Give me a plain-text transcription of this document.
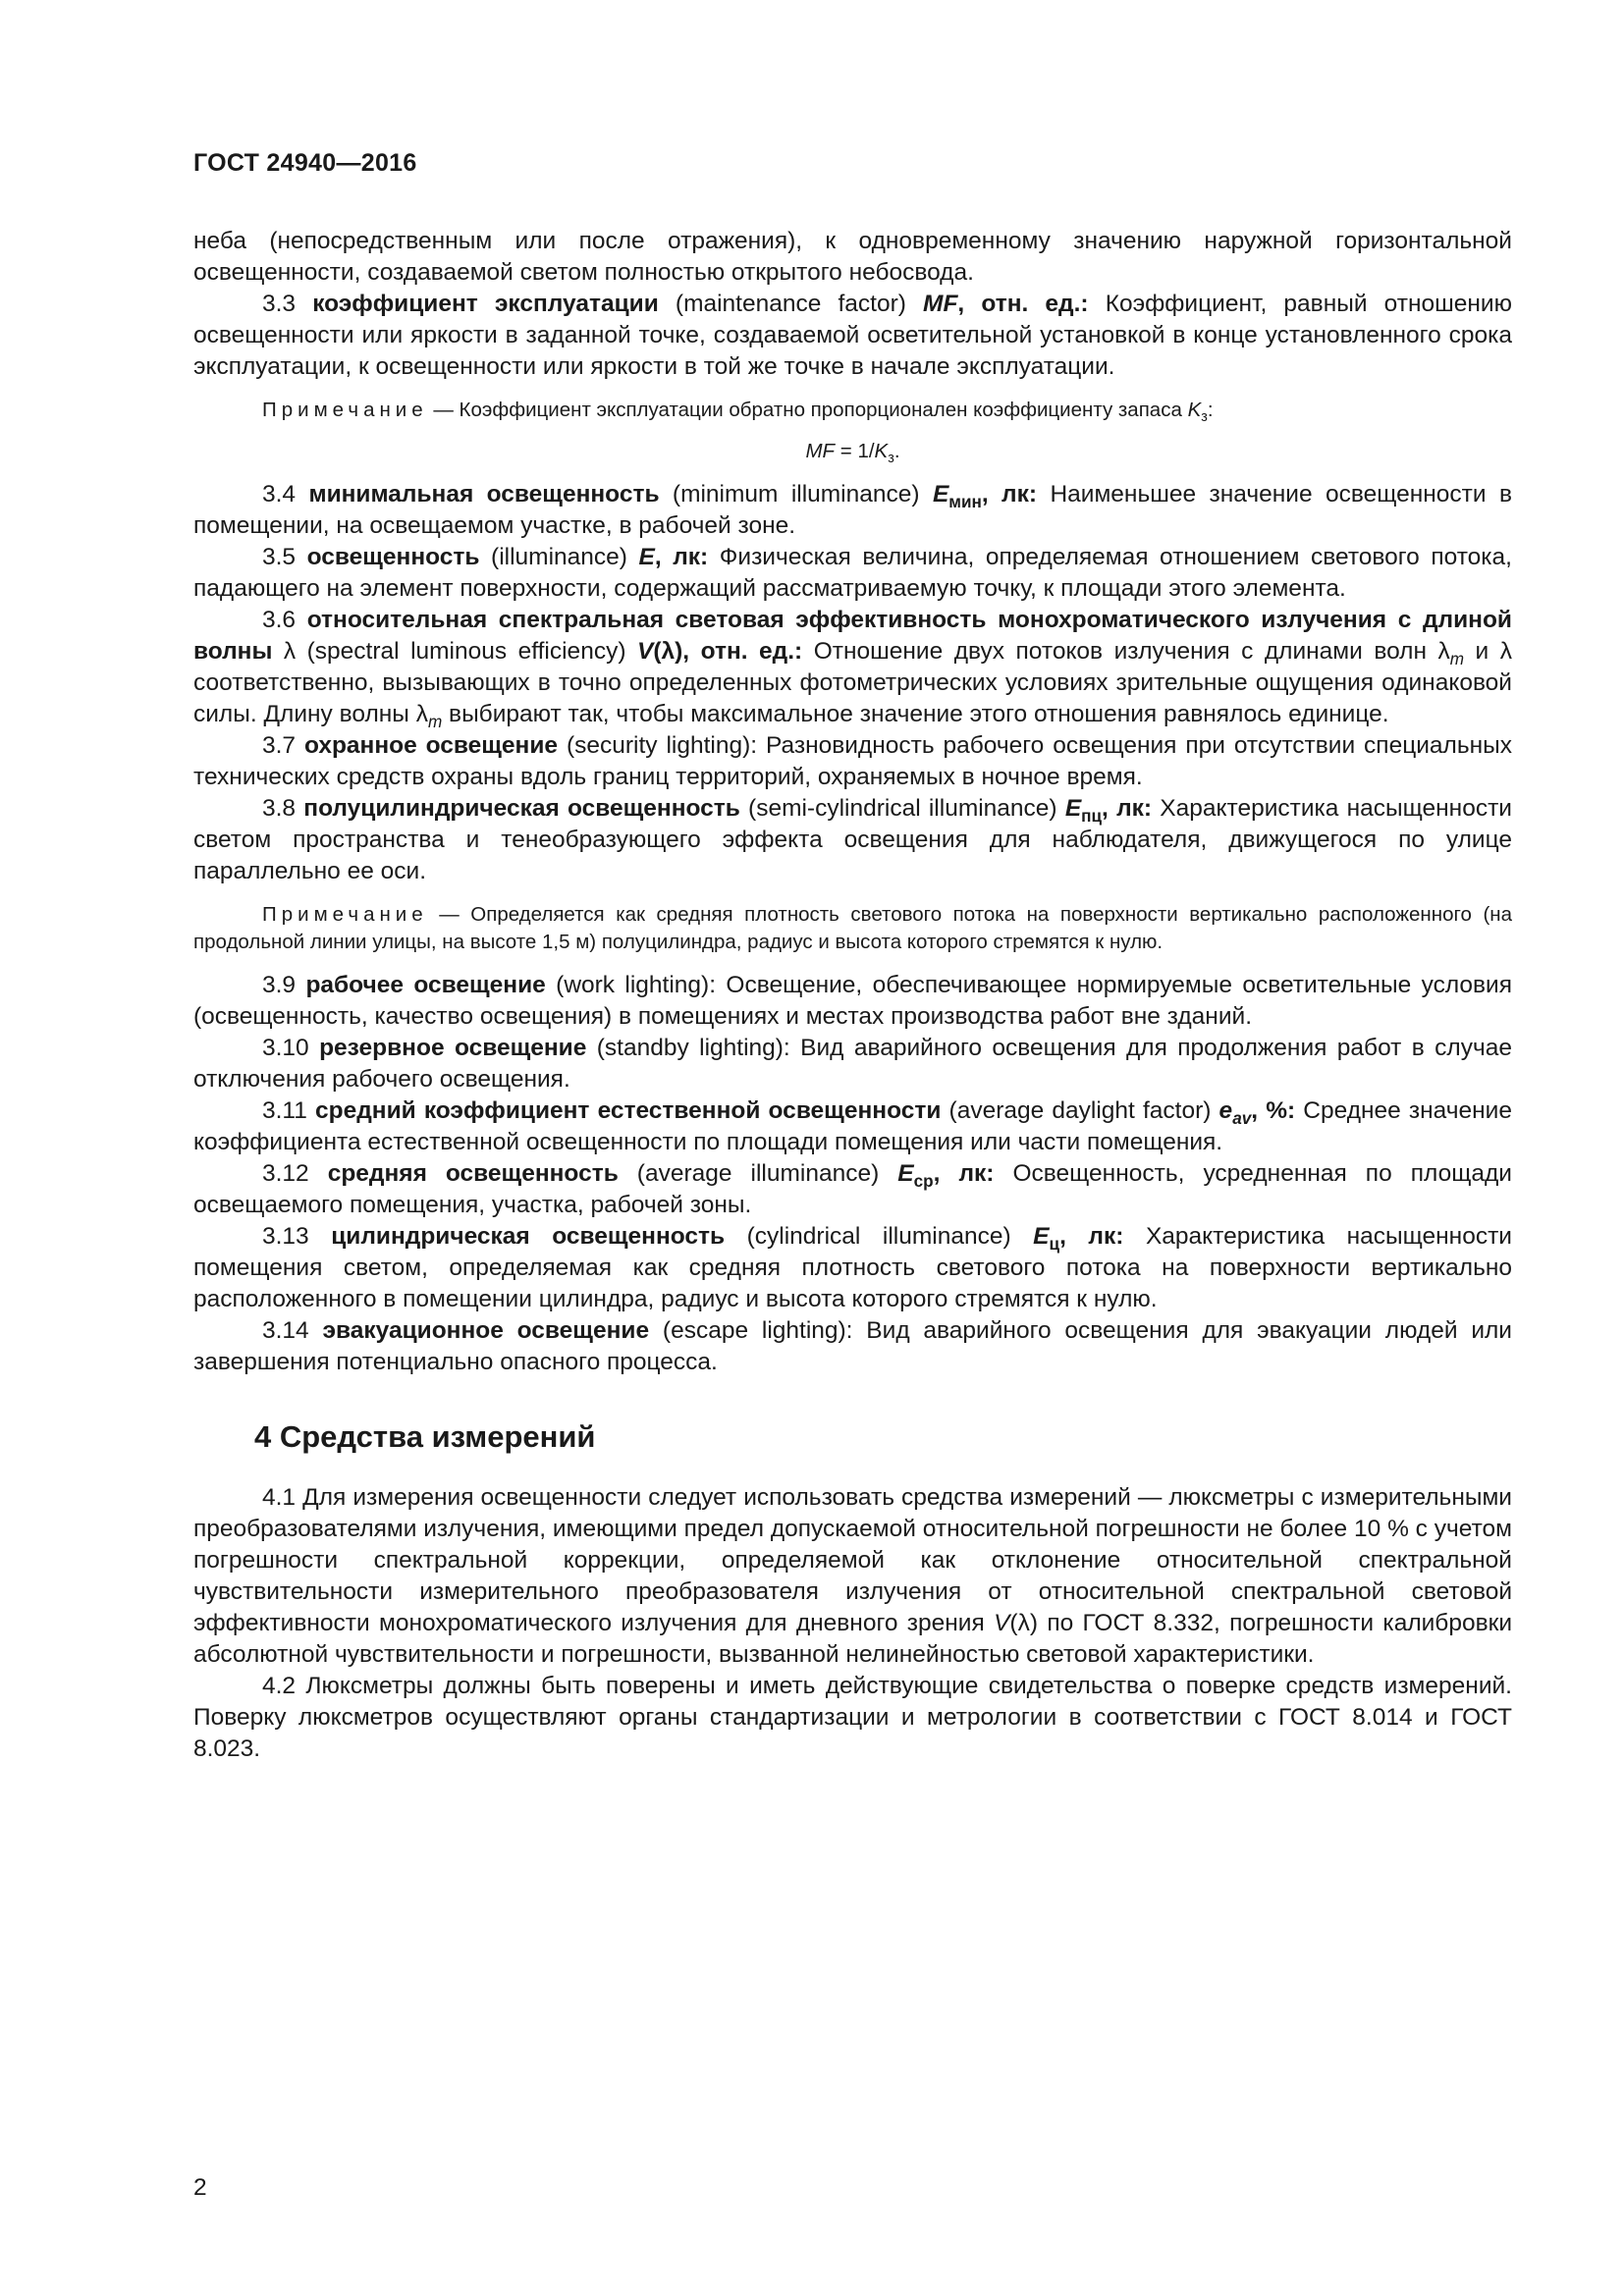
ГОСТ 24940—2016

неба (непосредственным или после отражения), к одновременному значению наружной горизонтальной освещенности, создаваемой светом полностью открытого небосвода.

3.3 коэффициент эксплуатации (maintenance factor) MF, отн. ед.: Коэффициент, равный отношению освещенности или яркости в заданной точке, создаваемой осветительной установкой в конце установленного срока эксплуатации, к освещенности или яркости в той же точке в начале эксплуатации.

Примечание — Коэффициент эксплуатации обратно пропорционален коэффициенту запаса $K_з$:
MF = $1/K_з$.

3.4 минимальная освещенность (minimum illuminance) $E_{мин}$, лк: Наименьшее значение освещенности в помещении, на освещаемом участке, в рабочей зоне.

3.5 освещенность (illuminance) E, лк: Физическая величина, определяемая отношением светового потока, падающего на элемент поверхности, содержащий рассматриваемую точку, к площади этого элемента.

3.6 относительная спектральная световая эффективность монохроматического излучения с длиной волны λ (spectral luminous efficiency) V(λ), отн. ед.: Отношение двух потоков излучения с длинами волн $\lambda_m$ и λ соответственно, вызывающих в точно определенных фотометрических условиях зрительные ощущения одинаковой силы. Длину волны $\lambda_m$ выбирают так, чтобы максимальное значение этого отношения равнялось единице.

3.7 охранное освещение (security lighting): Разновидность рабочего освещения при отсутствии специальных технических средств охраны вдоль границ территорий, охраняемых в ночное время.

3.8 полуцилиндрическая освещенность (semi-cylindrical illuminance) $E_{пц}$, лк: Характеристика насыщенности светом пространства и тенеобразующего эффекта освещения для наблюдателя, движущегося по улице параллельно ее оси.

Примечание — Определяется как средняя плотность светового потока на поверхности вертикально расположенного (на продольной линии улицы, на высоте 1,5 м) полуцилиндра, радиус и высота которого стремятся к нулю.

3.9 рабочее освещение (work lighting): Освещение, обеспечивающее нормируемые осветительные условия (освещенность, качество освещения) в помещениях и местах производства работ вне зданий.

3.10 резервное освещение (standby lighting): Вид аварийного освещения для продолжения работ в случае отключения рабочего освещения.

3.11 средний коэффициент естественной освещенности (average daylight factor) $e_{av}$, %: Среднее значение коэффициента естественной освещенности по площади помещения или части помещения.

3.12 средняя освещенность (average illuminance) $E_{ср}$, лк: Освещенность, усредненная по площади освещаемого помещения, участка, рабочей зоны.

3.13 цилиндрическая освещенность (cylindrical illuminance) $E_ц$, лк: Характеристика насыщенности помещения светом, определяемая как средняя плотность светового потока на поверхности вертикально расположенного в помещении цилиндра, радиус и высота которого стремятся к нулю.

3.14 эвакуационное освещение (escape lighting): Вид аварийного освещения для эвакуации людей или завершения потенциально опасного процесса.

4 Средства измерений

4.1 Для измерения освещенности следует использовать средства измерений — люксметры с измерительными преобразователями излучения, имеющими предел допускаемой относительной погрешности не более 10 % с учетом погрешности спектральной коррекции, определяемой как отклонение относительной спектральной чувствительности измерительного преобразователя излучения от относительной спектральной световой эффективности монохроматического излучения для дневного зрения V(λ) по ГОСТ 8.332, погрешности калибровки абсолютной чувствительности и погрешности, вызванной нелинейностью световой характеристики.

4.2 Люксметры должны быть поверены и иметь действующие свидетельства о поверке средств измерений. Поверку люксметров осуществляют органы стандартизации и метрологии в соответствии с ГОСТ 8.014 и ГОСТ 8.023.

2
